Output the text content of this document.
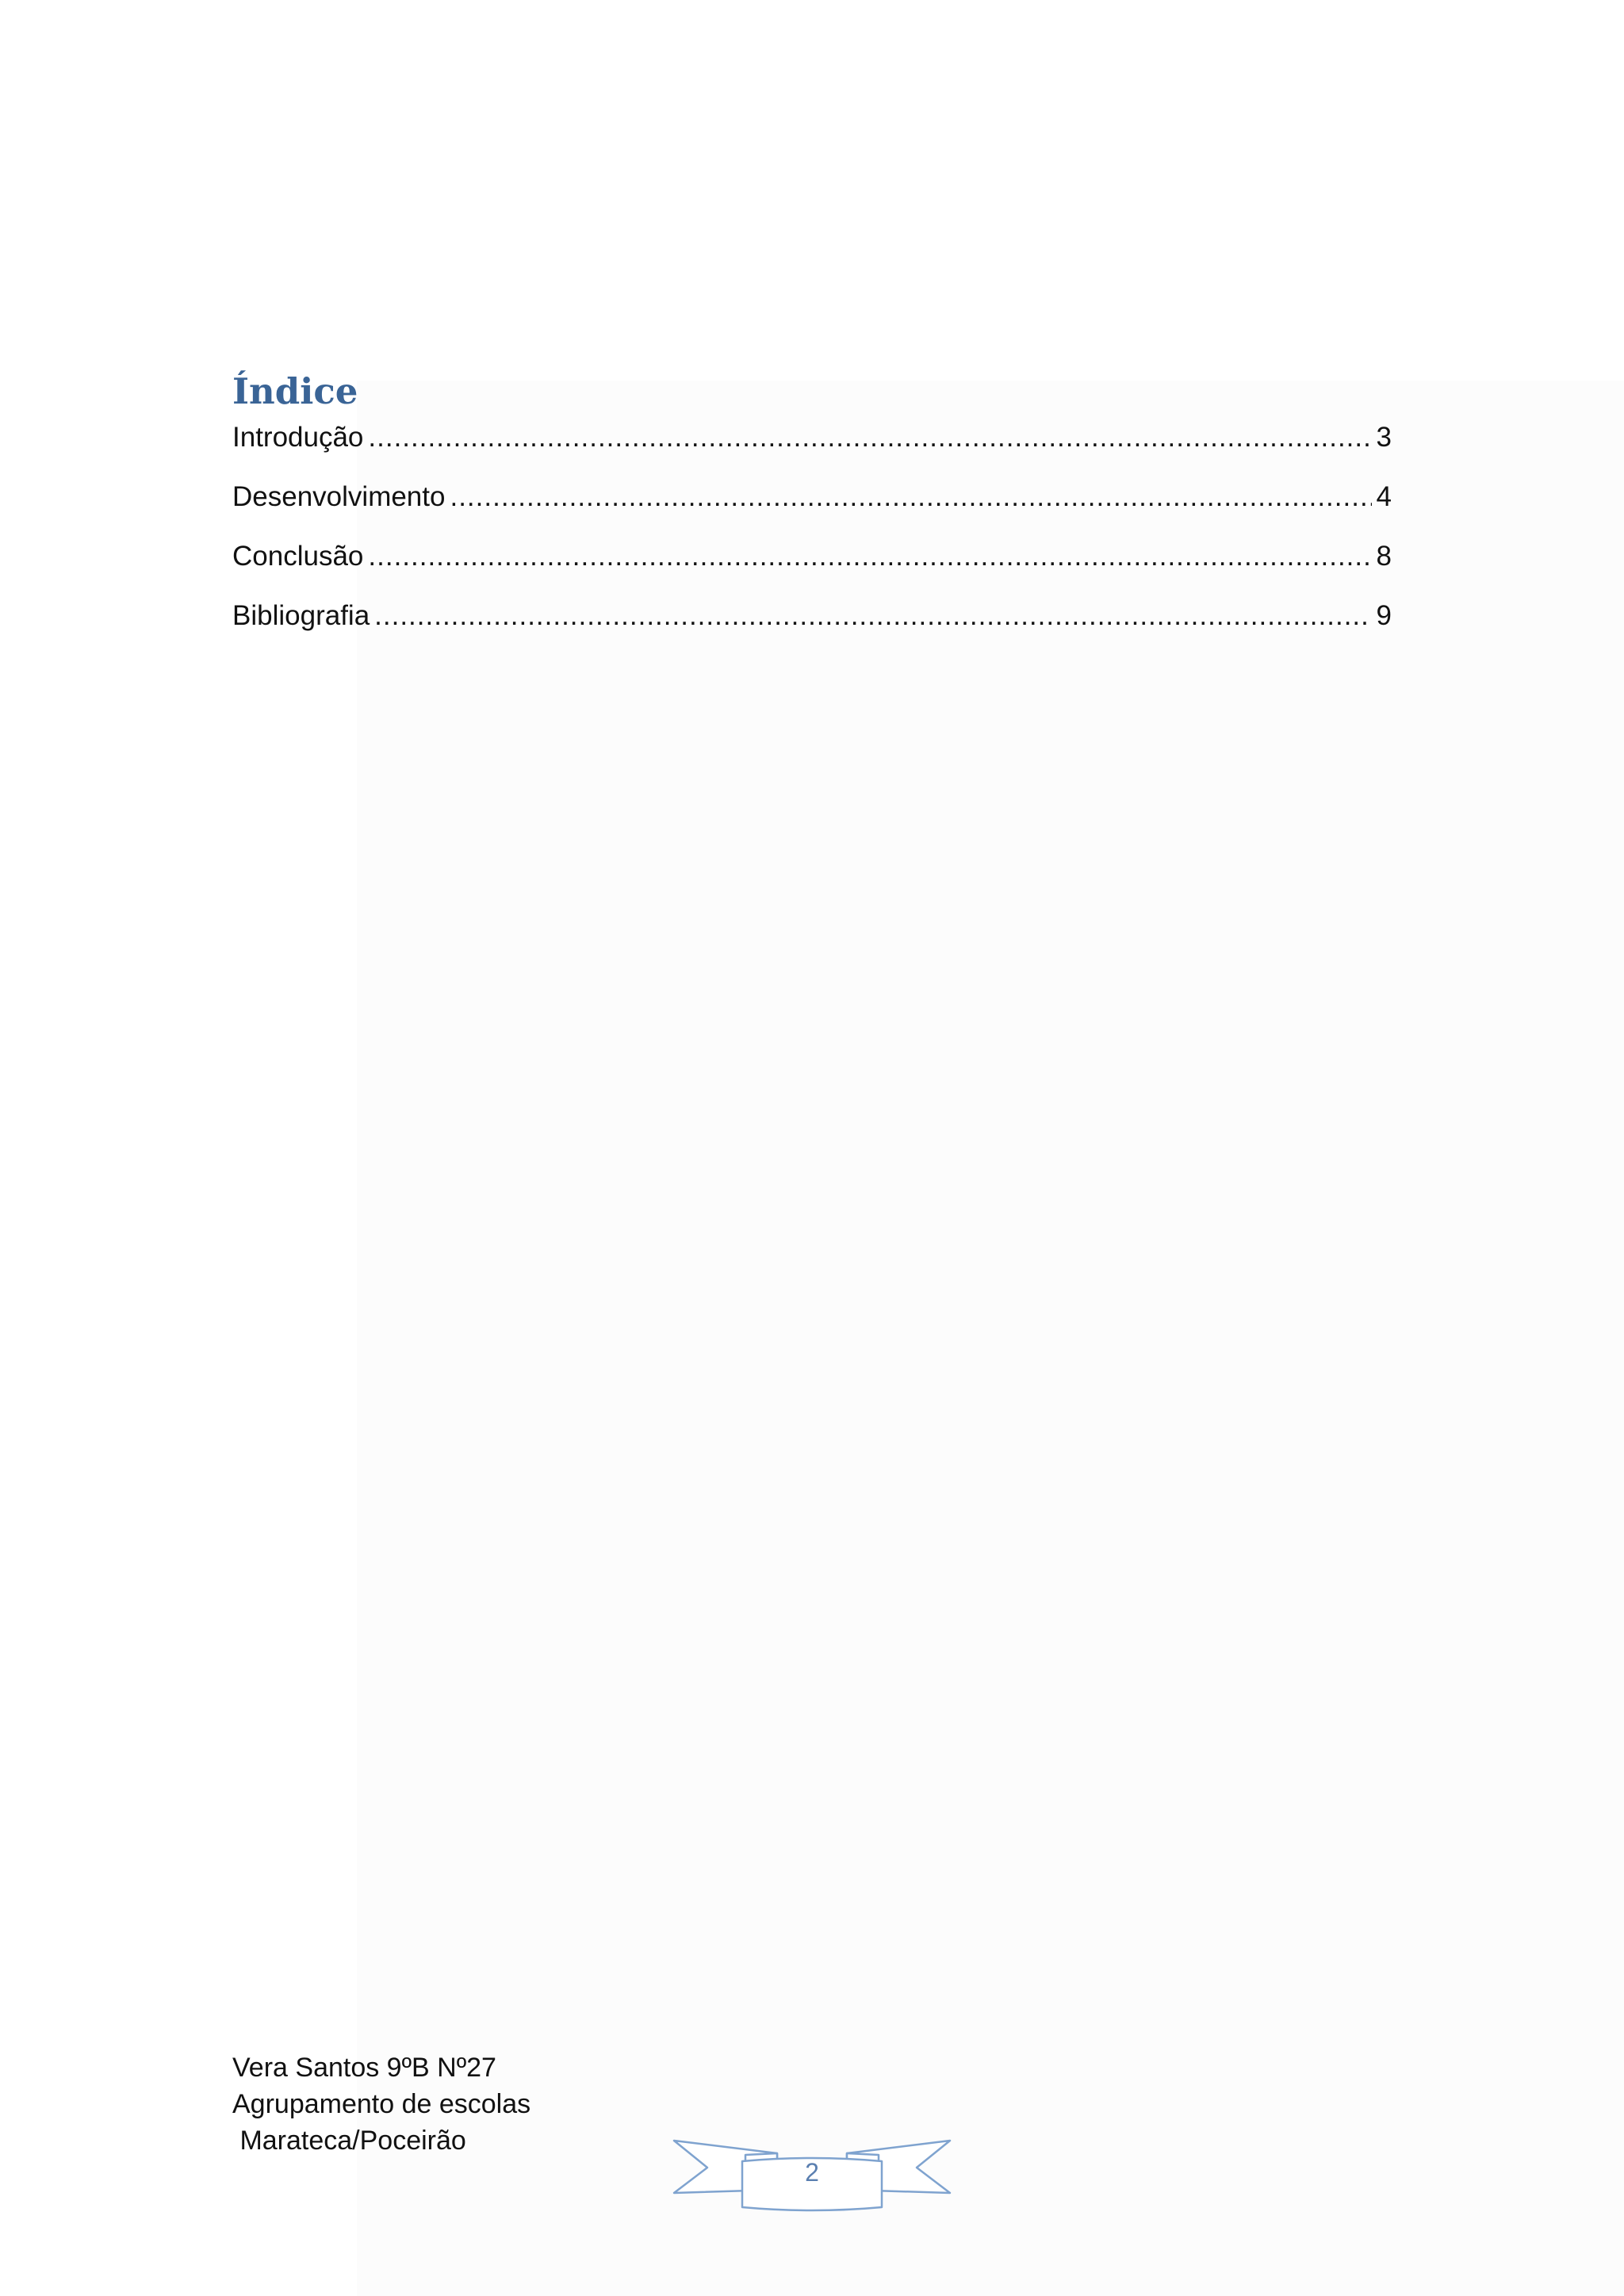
Índice
Introdução .....	3
Desenvolvimento .....	4
Conclusão .....	8
Bibliografia .....	9
Vera Santos 9ºB Nº27
Agrupamento de escolas
Marateca/Poceirão
2
